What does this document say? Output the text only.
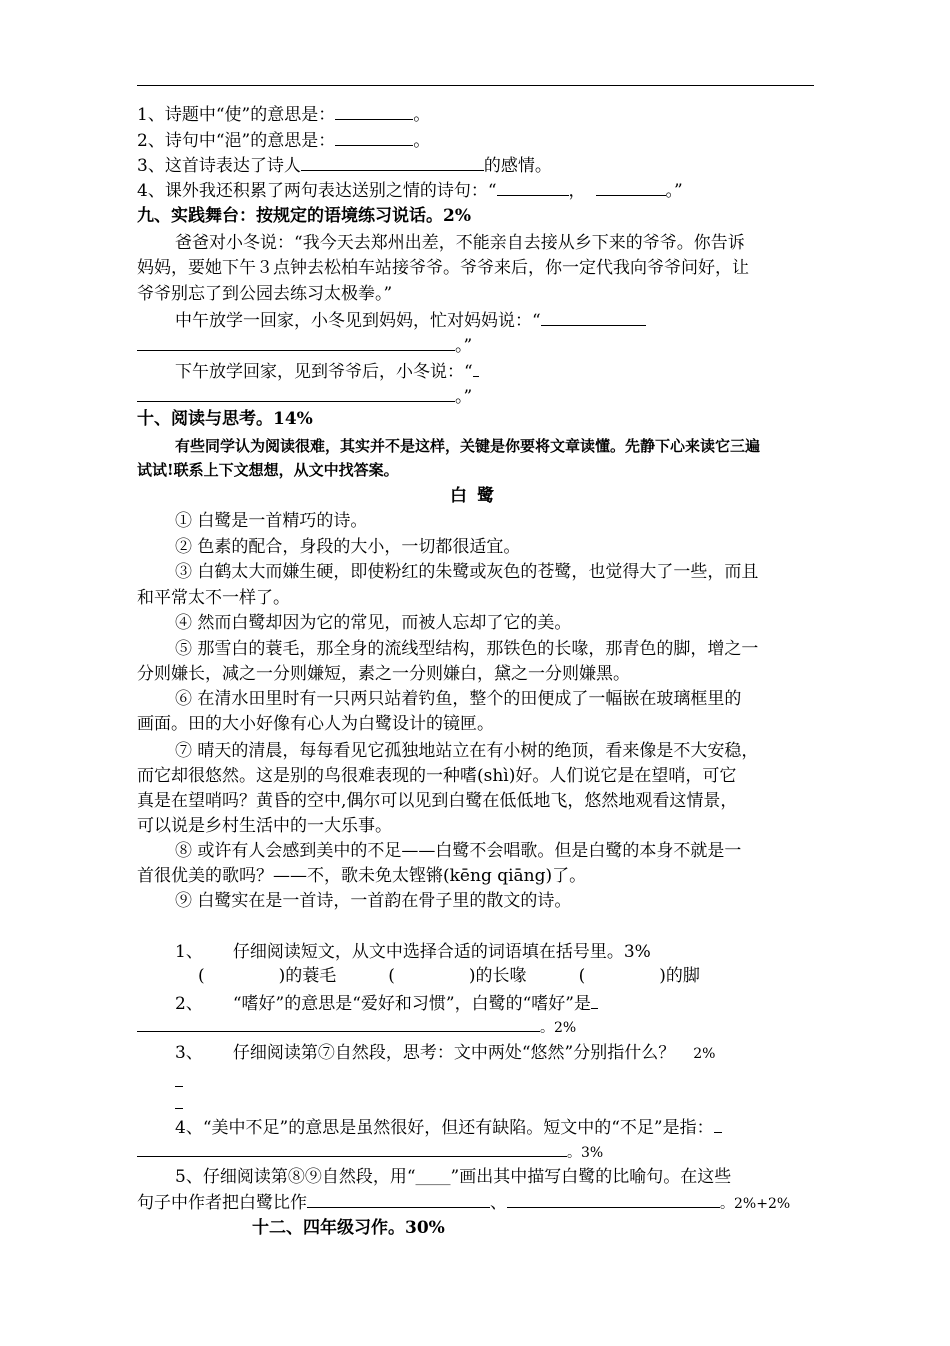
1、诗题中“使”的意思是：	。
2、诗句中“浥”的意思是：	。
3、这首诗表达了诗人	的感情。
4、课外我还积累了两句表达送别之情的诗句：“	，	。”
九、实践舞台：按规定的语境练习说话。2%
爸爸对小冬说：“我今天去郑州出差，不能亲自去接从乡下来的爷爷。你告诉
妈妈，要她下午３点钟去松柏车站接爷爷。爷爷来后，你一定代我向爷爷问好，让
爷爷别忘了到公园去练习太极拳。”
中午放学一回家，小冬见到妈妈，忙对妈妈说：“
。”
下午放学回家，见到爷爷后，小冬说：“
。”
十、阅读与思考。14%
有些同学认为阅读很难，其实并不是这样，关键是你要将文章读懂。先静下心来读它三遍
试试!联系上下文想想，从文中找答案。
白鹭
① 白鹭是一首精巧的诗。
② 色素的配合，身段的大小，一切都很适宜。
③ 白鹤太大而嫌生硬，即使粉红的朱鹭或灰色的苍鹭，也觉得大了一些，而且
和平常太不一样了。
④ 然而白鹭却因为它的常见，而被人忘却了它的美。
⑤ 那雪白的蓑毛，那全身的流线型结构，那铁色的长喙，那青色的脚，增之一
分则嫌长，减之一分则嫌短，素之一分则嫌白，黛之一分则嫌黑。
⑥ 在清水田里时有一只两只站着钓鱼，整个的田便成了一幅嵌在玻璃框里的
画面。田的大小好像有心人为白鹭设计的镜匣。
⑦ 晴天的清晨，每每看见它孤独地站立在有小树的绝顶，看来像是不大安稳，
而它却很悠然。这是别的鸟很难表现的一种嗜(shì)好。人们说它是在望哨，可它
真是在望哨吗？黄昏的空中,偶尔可以见到白鹭在低低地飞，悠然地观看这情景，
可以说是乡村生活中的一大乐事。
⑧ 或许有人会感到美中的不足——白鹭不会唱歌。但是白鹭的本身不就是一
首很优美的歌吗？——不，歌未免太铿锵(kēng qiāng)了。
⑨ 白鹭实在是一首诗，一首韵在骨子里的散文的诗。
1、 仔细阅读短文，从文中选择合适的词语填在括号里。3%
(	)的蓑毛	(	)的长喙	(	)的脚
2、 “嗜好”的意思是“爱好和习惯”，白鹭的“嗜好”是
。2%
3、 仔细阅读第⑦自然段，思考：文中两处“悠然”分别指什么？ 2%
4、“美中不足”的意思是虽然很好，但还有缺陷。短文中的“不足”是指：
。3%
5、仔细阅读第⑧⑨自然段，用“_____”画出其中描写白鹭的比喻句。在这些
句子中作者把白鹭比作	、	。2%+2%
十二、四年级习作。30%
